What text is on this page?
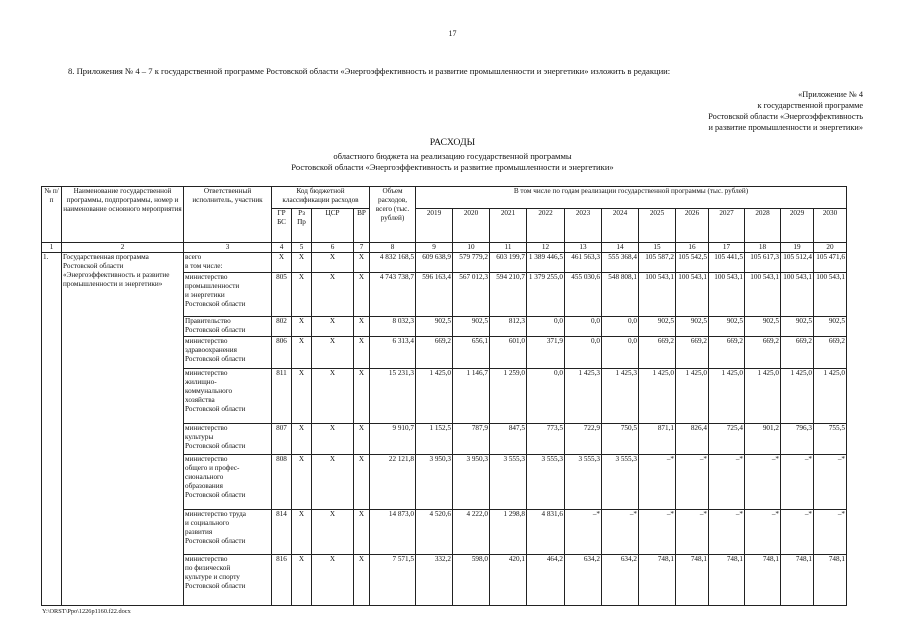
17
8. Приложения № 4 – 7 к государственной программе Ростовской области «Энергоэффективность и развитие промышленности и энергетики» изложить в редакции:
«Приложение № 4
к государственной программе
Ростовской области «Энергоэффективность
и развитие промышленности и энергетики»
РАСХОДЫ
областного бюджета на реализацию государственной программы
Ростовской области «Энергоэффективность и развитие промышленности и энергетики»
№ п/п	Наименование государственной программы, подпрограммы, номер и наименование основного мероприятия	Ответственный исполнитель, участник	Код бюджетной классификации расходов				Объем расходов, всего (тыс. рублей)	В том числе по годам реализации государственной программы (тыс. рублей)											
			ГР БС	Рз Пр	ЦСР	ВР		2019	2020	2021	2022	2023	2024	2025	2026	2027	2028	2029	2030
1	2	3	4	5	6	7	8	9	10	11	12	13	14	15	16	17	18	19	20
1.	Государственная программа Ростовской области «Энергоэффективность и развитие промышленности и энергетики»	всего
в том числе:	X	X	X	X	4 832 168,5	609 638,9	579 779,2	603 199,7	1 389 446,5	461 563,3	555 368,4	105 587,2	105 542,5	105 441,5	105 617,3	105 512,4	105 471,6

		министерство
промышленности
и энергетики
Ростовской области	805	X	X	X	4 743 738,7	596 163,4	567 012,3	594 210,7	1 379 255,0	455 030,6	548 808,1	100 543,1	100 543,1	100 543,1	100 543,1	100 543,1	100 543,1

		Правительство
Ростовской области	802	X	X	X	8 032,3	902,5	902,5	812,3	0,0	0,0	0,0	902,5	902,5	902,5	902,5	902,5	902,5

		министерство
здравоохранения
Ростовской области	806	X	X	X	6 313,4	669,2	656,1	601,0	371,9	0,0	0,0	669,2	669,2	669,2	669,2	669,2	669,2

		министерство
жилищно-
коммунального
хозяйства
Ростовской области	811	X	X	X	15 231,3	1 425,0	1 146,7	1 259,0	0,0	1 425,3	1 425,3	1 425,0	1 425,0	1 425,0	1 425,0	1 425,0	1 425,0

		министерство
культуры
Ростовской области	807	X	X	X	9 910,7	1 152,5	787,9	847,5	773,5	722,9	750,5	871,1	826,4	725,4	901,2	796,3	755,5

		министерство
общего и профес-
сионального
образования
Ростовской области	808	X	X	X	22 121,8	3 950,3	3 950,3	3 555,3	3 555,3	3 555,3	3 555,3	–*	–*	–*	–*	–*	–*

		министерство труда
и социального
развития
Ростовской области	814	X	X	X	14 873,0	4 520,6	4 222,0	1 298,8	4 831,6	–*	–*	–*	–*	–*	–*	–*	–*

		министерство
по физической
культуре и спорту
Ростовской области	816	X	X	X	7 571,5	332,2	598,0	420,1	464,2	634,2	634,2	748,1	748,1	748,1	748,1	748,1	748,1
Y:\ORST\Ppo\1226p1160.f22.docx
